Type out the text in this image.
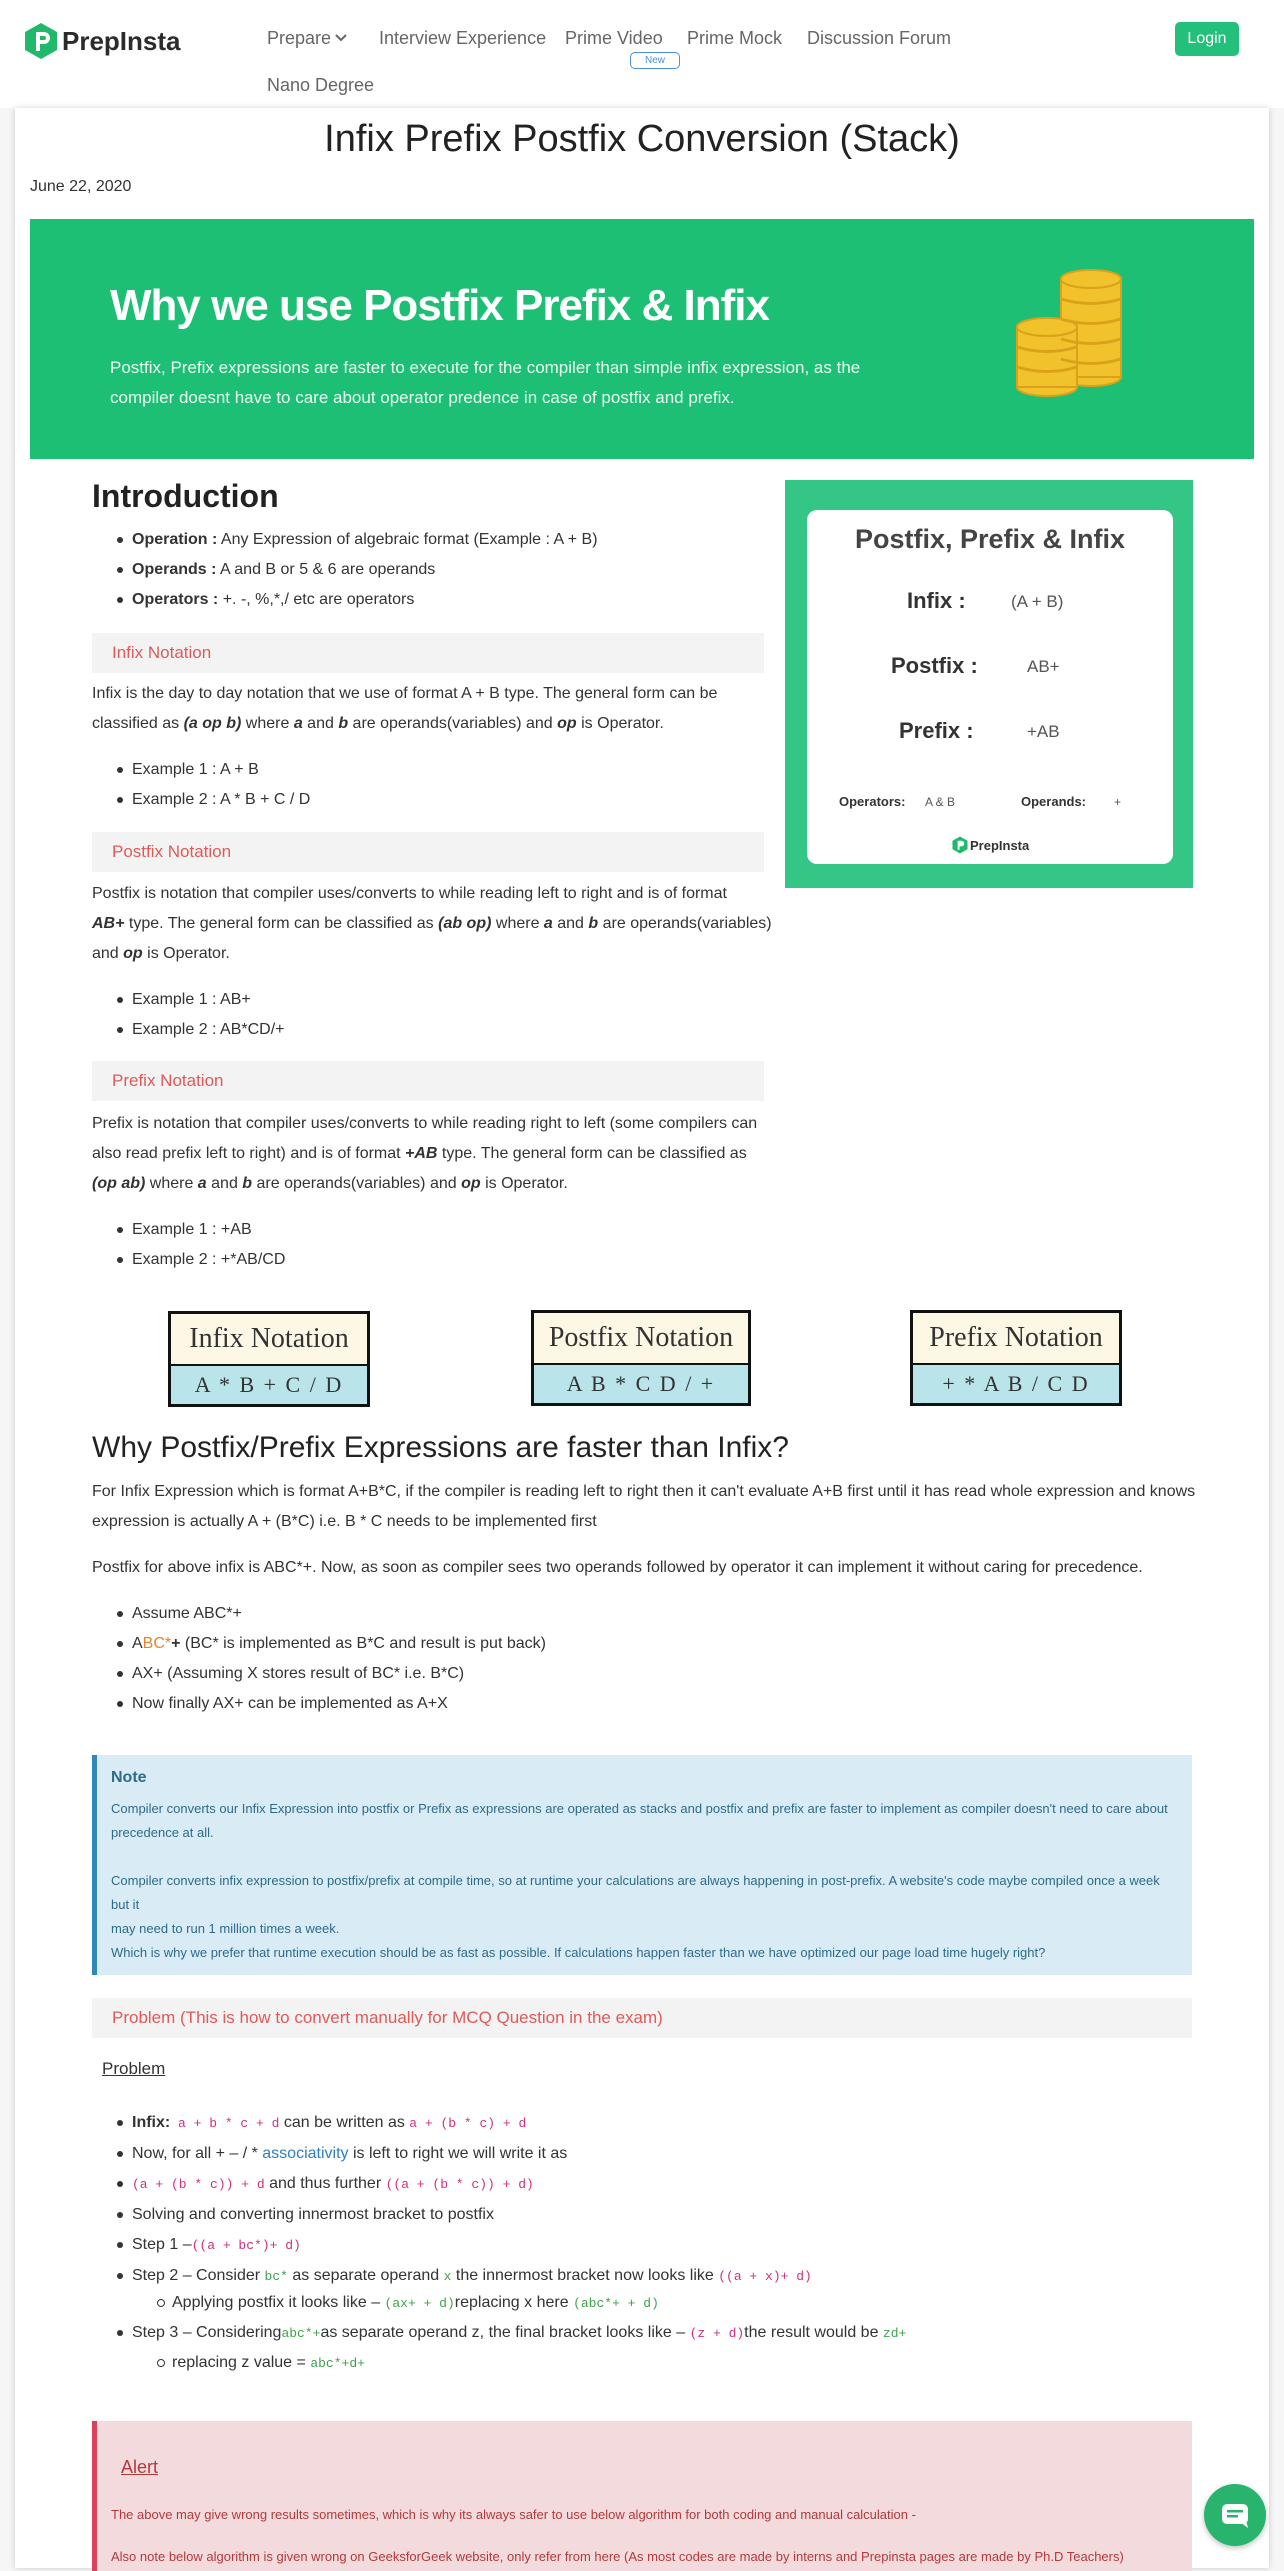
PrepInsta	Prepare	Interview Experience Prime Video Prime Mock Discussion Forum
Nano Degree
New
Login
Infix Prefix Postfix Conversion (Stack)
June 22, 2020
Why we use Postfix Prefix & Infix
Postfix, Prefix expressions are faster to execute for the compiler than simple infix expression, as the compiler doesnt have to care about operator predence in case of postfix and prefix.
Introduction
Operation : Any Expression of algebraic format (Example : A + B)
Operands : A and B or 5 & 6 are operands
Operators : +. -, %,*,/ etc are operators
Infix Notation
Infix is the day to day notation that we use of format A + B type. The general form can be
classified as (a op b) where a and b are operands(variables) and op is Operator.
Example 1 : A + B
Example 2 : A * B + C / D
Postfix Notation
Postfix is notation that compiler uses/converts to while reading left to right and is of format
AB+ type. The general form can be classified as (ab op) where a and b are operands(variables)
and op is Operator.
Example 1 : AB+
Example 2 : AB*CD/+
Prefix Notation
Prefix is notation that compiler uses/converts to while reading right to left (some compilers can
also read prefix left to right) and is of format +AB type. The general form can be classified as
(op ab) where a and b are operands(variables) and op is Operator.
Example 1 : +AB
Example 2 : +*AB/CD
Postfix, Prefix & Infix
Infix :	(A + B)
Postfix :	AB+
Prefix :	+AB
Operators: A & B	Operands: +
PrepInsta
Infix Notation
A * B + C / D
Postfix Notation
A B * C D / +
Prefix Notation
+ * A B / C D
Why Postfix/Prefix Expressions are faster than Infix?
For Infix Expression which is format A+B*C, if the compiler is reading left to right then it can't evaluate A+B first until it has read whole expression and knows
expression is actually A + (B*C) i.e. B * C needs to be implemented first
Postfix for above infix is ABC*+. Now, as soon as compiler sees two operands followed by operator it can implement it without caring for precedence.
Assume ABC*+
ABC*+ (BC* is implemented as B*C and result is put back)
AX+ (Assuming X stores result of BC* i.e. B*C)
Now finally AX+ can be implemented as A+X
Note
Compiler converts our Infix Expression into postfix or Prefix as expressions are operated as stacks and postfix and prefix are faster to implement as compiler doesn't need to care about
precedence at all.
Compiler converts infix expression to postfix/prefix at compile time, so at runtime your calculations are always happening in post-prefix. A website's code maybe compiled once a week but it
may need to run 1 million times a week.
Which is why we prefer that runtime execution should be as fast as possible. If calculations happen faster than we have optimized our page load time hugely right?
Problem (This is how to convert manually for MCQ Question in the exam)
Problem
Infix: a + b * c + d can be written as a + (b * c) + d
Now, for all + – / * associativity is left to right we will write it as
(a + (b * c)) + d and thus further ((a + (b * c)) + d)
Solving and converting innermost bracket to postfix
Step 1 –((a + bc*)+ d)
Step 2 – Consider bc* as separate operand x the innermost bracket now looks like ((a + x)+ d)
Applying postfix it looks like – (ax+ + d)replacing x here (abc*+ + d)
Step 3 – Consideringabc*+as separate operand z, the final bracket looks like – (z + d)the result would be zd+
replacing z value = abc*+d+
Alert
The above may give wrong results sometimes, which is why its always safer to use below algorithm for both coding and manual calculation -
Also note below algorithm is given wrong on GeeksforGeek website, only refer from here (As most codes are made by interns and Prepinsta pages are made by Ph.D Teachers)
